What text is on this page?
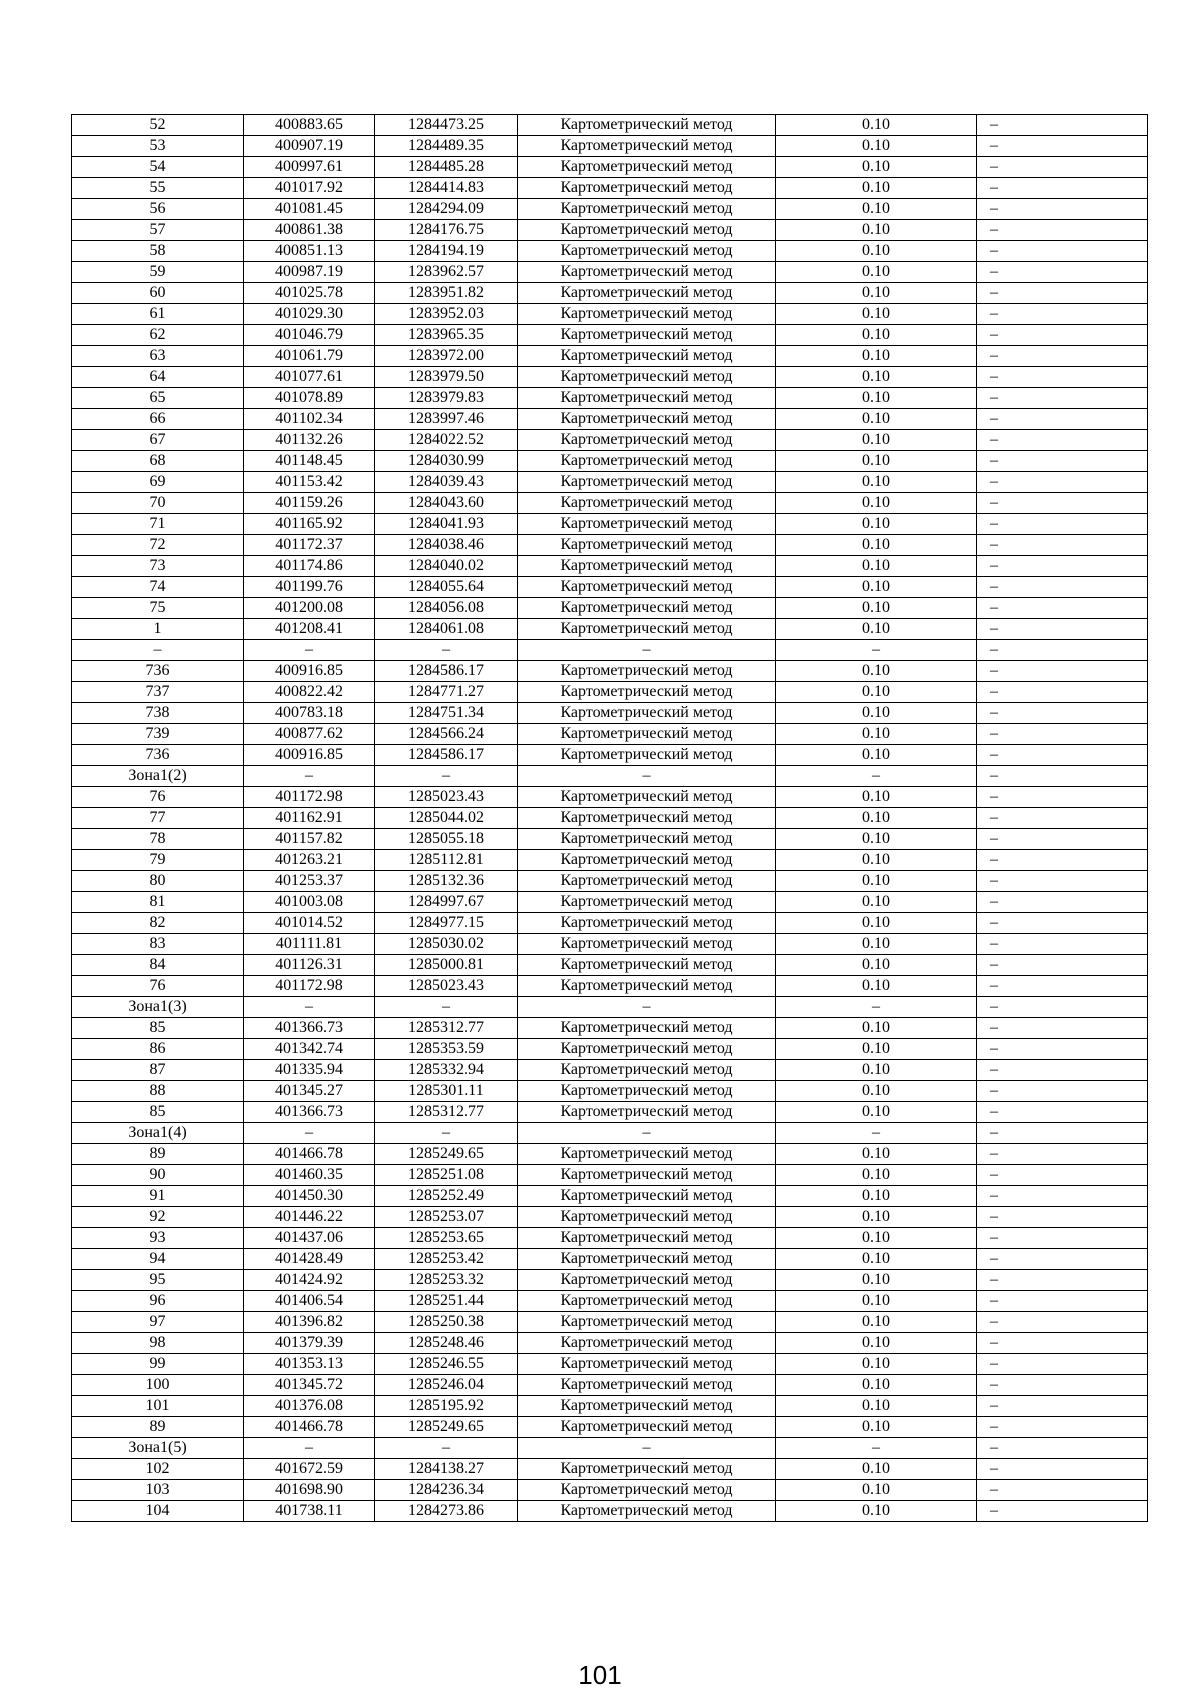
52	400883.65	1284473.25	Картометрический метод	0.10	–
53	400907.19	1284489.35	Картометрический метод	0.10	–
54	400997.61	1284485.28	Картометрический метод	0.10	–
55	401017.92	1284414.83	Картометрический метод	0.10	–
56	401081.45	1284294.09	Картометрический метод	0.10	–
57	400861.38	1284176.75	Картометрический метод	0.10	–
58	400851.13	1284194.19	Картометрический метод	0.10	–
59	400987.19	1283962.57	Картометрический метод	0.10	–
60	401025.78	1283951.82	Картометрический метод	0.10	–
61	401029.30	1283952.03	Картометрический метод	0.10	–
62	401046.79	1283965.35	Картометрический метод	0.10	–
63	401061.79	1283972.00	Картометрический метод	0.10	–
64	401077.61	1283979.50	Картометрический метод	0.10	–
65	401078.89	1283979.83	Картометрический метод	0.10	–
66	401102.34	1283997.46	Картометрический метод	0.10	–
67	401132.26	1284022.52	Картометрический метод	0.10	–
68	401148.45	1284030.99	Картометрический метод	0.10	–
69	401153.42	1284039.43	Картометрический метод	0.10	–
70	401159.26	1284043.60	Картометрический метод	0.10	–
71	401165.92	1284041.93	Картометрический метод	0.10	–
72	401172.37	1284038.46	Картометрический метод	0.10	–
73	401174.86	1284040.02	Картометрический метод	0.10	–
74	401199.76	1284055.64	Картометрический метод	0.10	–
75	401200.08	1284056.08	Картометрический метод	0.10	–
1	401208.41	1284061.08	Картометрический метод	0.10	–
–	–	–	–	–	–
736	400916.85	1284586.17	Картометрический метод	0.10	–
737	400822.42	1284771.27	Картометрический метод	0.10	–
738	400783.18	1284751.34	Картометрический метод	0.10	–
739	400877.62	1284566.24	Картометрический метод	0.10	–
736	400916.85	1284586.17	Картометрический метод	0.10	–
Зона1(2)	–	–	–	–	–
76	401172.98	1285023.43	Картометрический метод	0.10	–
77	401162.91	1285044.02	Картометрический метод	0.10	–
78	401157.82	1285055.18	Картометрический метод	0.10	–
79	401263.21	1285112.81	Картометрический метод	0.10	–
80	401253.37	1285132.36	Картометрический метод	0.10	–
81	401003.08	1284997.67	Картометрический метод	0.10	–
82	401014.52	1284977.15	Картометрический метод	0.10	–
83	401111.81	1285030.02	Картометрический метод	0.10	–
84	401126.31	1285000.81	Картометрический метод	0.10	–
76	401172.98	1285023.43	Картометрический метод	0.10	–
Зона1(3)	–	–	–	–	–
85	401366.73	1285312.77	Картометрический метод	0.10	–
86	401342.74	1285353.59	Картометрический метод	0.10	–
87	401335.94	1285332.94	Картометрический метод	0.10	–
88	401345.27	1285301.11	Картометрический метод	0.10	–
85	401366.73	1285312.77	Картометрический метод	0.10	–
Зона1(4)	–	–	–	–	–
89	401466.78	1285249.65	Картометрический метод	0.10	–
90	401460.35	1285251.08	Картометрический метод	0.10	–
91	401450.30	1285252.49	Картометрический метод	0.10	–
92	401446.22	1285253.07	Картометрический метод	0.10	–
93	401437.06	1285253.65	Картометрический метод	0.10	–
94	401428.49	1285253.42	Картометрический метод	0.10	–
95	401424.92	1285253.32	Картометрический метод	0.10	–
96	401406.54	1285251.44	Картометрический метод	0.10	–
97	401396.82	1285250.38	Картометрический метод	0.10	–
98	401379.39	1285248.46	Картометрический метод	0.10	–
99	401353.13	1285246.55	Картометрический метод	0.10	–
100	401345.72	1285246.04	Картометрический метод	0.10	–
101	401376.08	1285195.92	Картометрический метод	0.10	–
89	401466.78	1285249.65	Картометрический метод	0.10	–
Зона1(5)	–	–	–	–	–
102	401672.59	1284138.27	Картометрический метод	0.10	–
103	401698.90	1284236.34	Картометрический метод	0.10	–
104	401738.11	1284273.86	Картометрический метод	0.10	–
101
